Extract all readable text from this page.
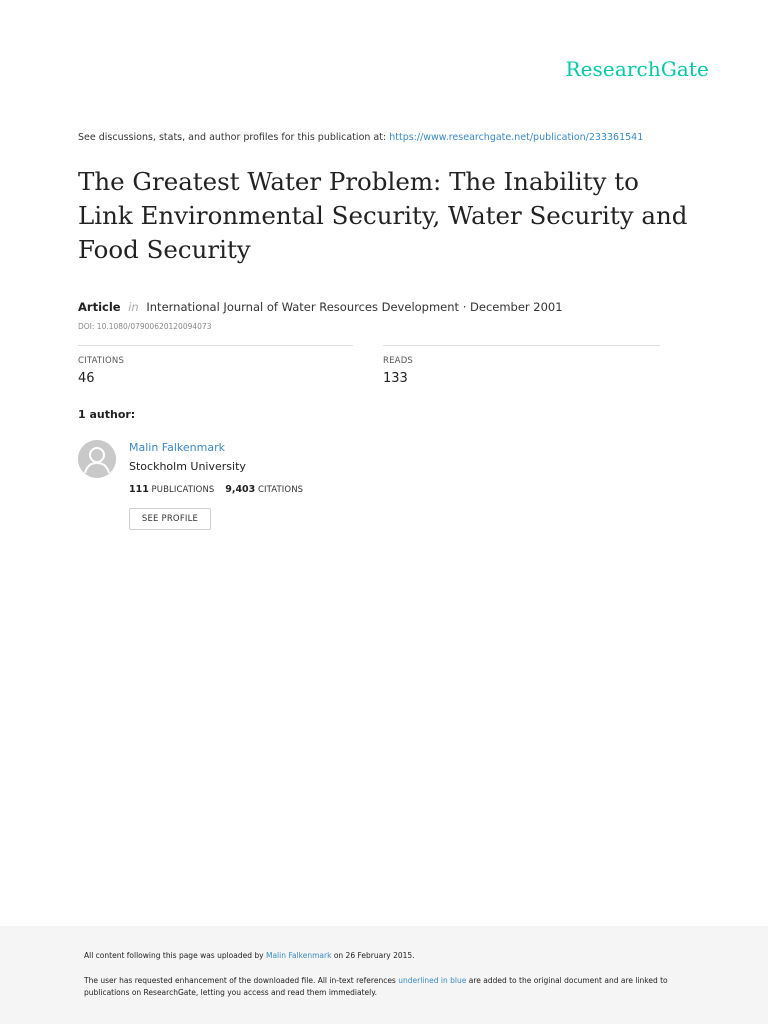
ResearchGate
See discussions, stats, and author profiles for this publication at: https://www.researchgate.net/publication/233361541
The Greatest Water Problem: The Inability to Link Environmental Security, Water Security and Food Security
Article in International Journal of Water Resources Development · December 2001
DOI: 10.1080/07900620120094073
CITATIONS
46
READS
133
1 author:
Malin Falkenmark
Stockholm University
111 PUBLICATIONS 9,403 CITATIONS
SEE PROFILE
All content following this page was uploaded by Malin Falkenmark on 26 February 2015.
The user has requested enhancement of the downloaded file. All in-text references underlined in blue are added to the original document and are linked to publications on ResearchGate, letting you access and read them immediately.
